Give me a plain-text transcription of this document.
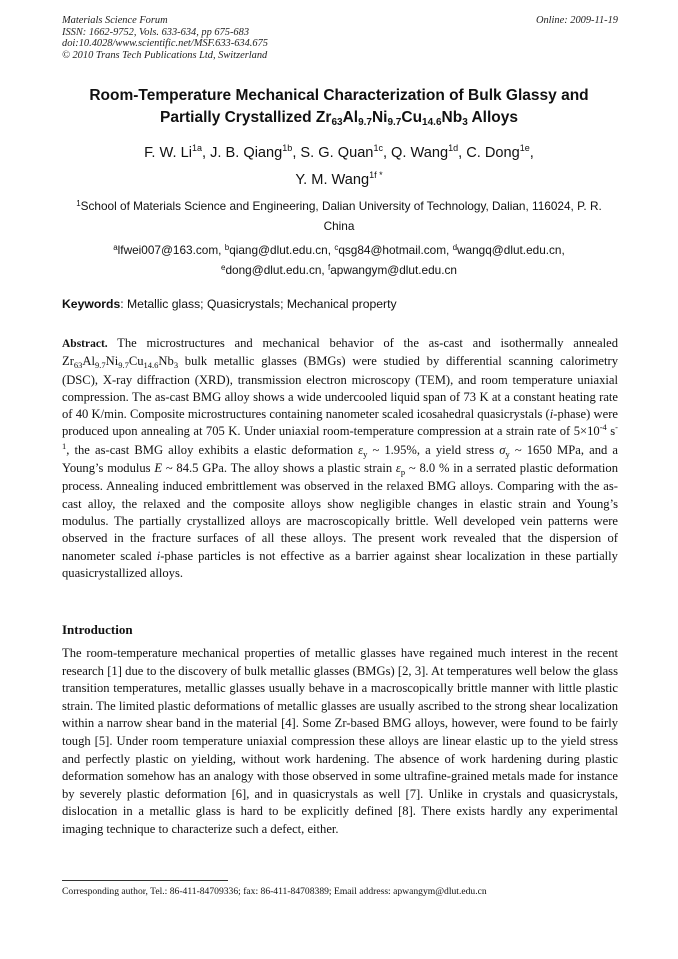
Materials Science Forum
ISSN: 1662-9752, Vols. 633-634, pp 675-683
doi:10.4028/www.scientific.net/MSF.633-634.675
© 2010 Trans Tech Publications Ltd, Switzerland
Online: 2009-11-19
Room-Temperature Mechanical Characterization of Bulk Glassy and
Partially Crystallized $Zr_{63}Al_{9.7}Ni_{9.7}Cu_{14.6}Nb_3$ Alloys
F. W. $Li^{1a}$, J. B. Qiang$^{1b}$, S. G. Quan$^{1c}$, Q. Wang$^{1d}$, C. Dong$^{1e}$,
Y. M. Wang$^{1f *}$
$^1$School of Materials Science and Engineering, Dalian University of Technology, Dalian, 116024, P. R. China
$^a$lfwei007@163.com, $^b$qiang@dlut.edu.cn, $^c$qsg84@hotmail.com, $^d$wangq@dlut.edu.cn,
$^e$dong@dlut.edu.cn, $^f$apwangym@dlut.edu.cn
Keywords: Metallic glass; Quasicrystals; Mechanical property
Abstract. The microstructures and mechanical behavior of the as-cast and isothermally annealed $Zr_{63}Al_{9.7}Ni_{9.7}Cu_{14.6}Nb_3$ bulk metallic glasses (BMGs) were studied by differential scanning calorimetry (DSC), X-ray diffraction (XRD), transmission electron microscopy (TEM), and room temperature uniaxial compression. The as-cast BMG alloy shows a wide undercooled liquid span of 73 K at a constant heating rate of 40 K/min. Composite microstructures containing nanometer scaled icosahedral quasicrystals (i-phase) were produced upon annealing at 705 K. Under uniaxial room-temperature compression at a strain rate of $5\times 10^{-4}$ $s^{-1}$, the as-cast BMG alloy exhibits a elastic deformation $\varepsilon_y$ ~ 1.95%, a yield stress $\sigma_y$ ~ 1650 MPa, and a Young’s modulus E ~ 84.5 GPa. The alloy shows a plastic strain $\varepsilon_p$ ~ 8.0 % in a serrated plastic deformation process. Annealing induced embrittlement was observed in the relaxed BMG alloys. Comparing with the as-cast alloy, the relaxed and the composite alloys show negligible changes in elastic strain and Young’s modulus. The partially crystallized alloys are macroscopically brittle. Well developed vein patterns were observed in the fracture surfaces of all these alloys. The present work revealed that the dispersion of nanometer scaled i-phase particles is not effective as a barrier against shear localization in these partially quasicrystallized alloys.
Introduction
The room-temperature mechanical properties of metallic glasses have regained much interest in the recent research [1] due to the discovery of bulk metallic glasses (BMGs) [2, 3]. At temperatures well below the glass transition temperatures, metallic glasses usually behave in a macroscopically brittle manner with little plastic strain. The limited plastic deformations of metallic glasses are usually ascribed to the strong shear localization within a narrow shear band in the material [4]. Some Zr-based BMG alloys, however, were found to be fairly tough [5]. Under room temperature uniaxial compression these alloys are linear elastic up to the yield stress and perfectly plastic on yielding, without work hardening. The absence of work hardening during plastic deformation somehow has an analogy with those observed in some ultrafine-grained metals made for instance by severely plastic deformation [6], and in quasicrystals as well [7]. Unlike in crystals and quasicrystals, dislocation in a metallic glass is hard to be explicitly defined [8]. There exists hardly any experimental imaging technique to characterize such a defect, either.
Corresponding author, Tel.: 86-411-84709336; fax: 86-411-84708389; Email address: apwangym@dlut.edu.cn
